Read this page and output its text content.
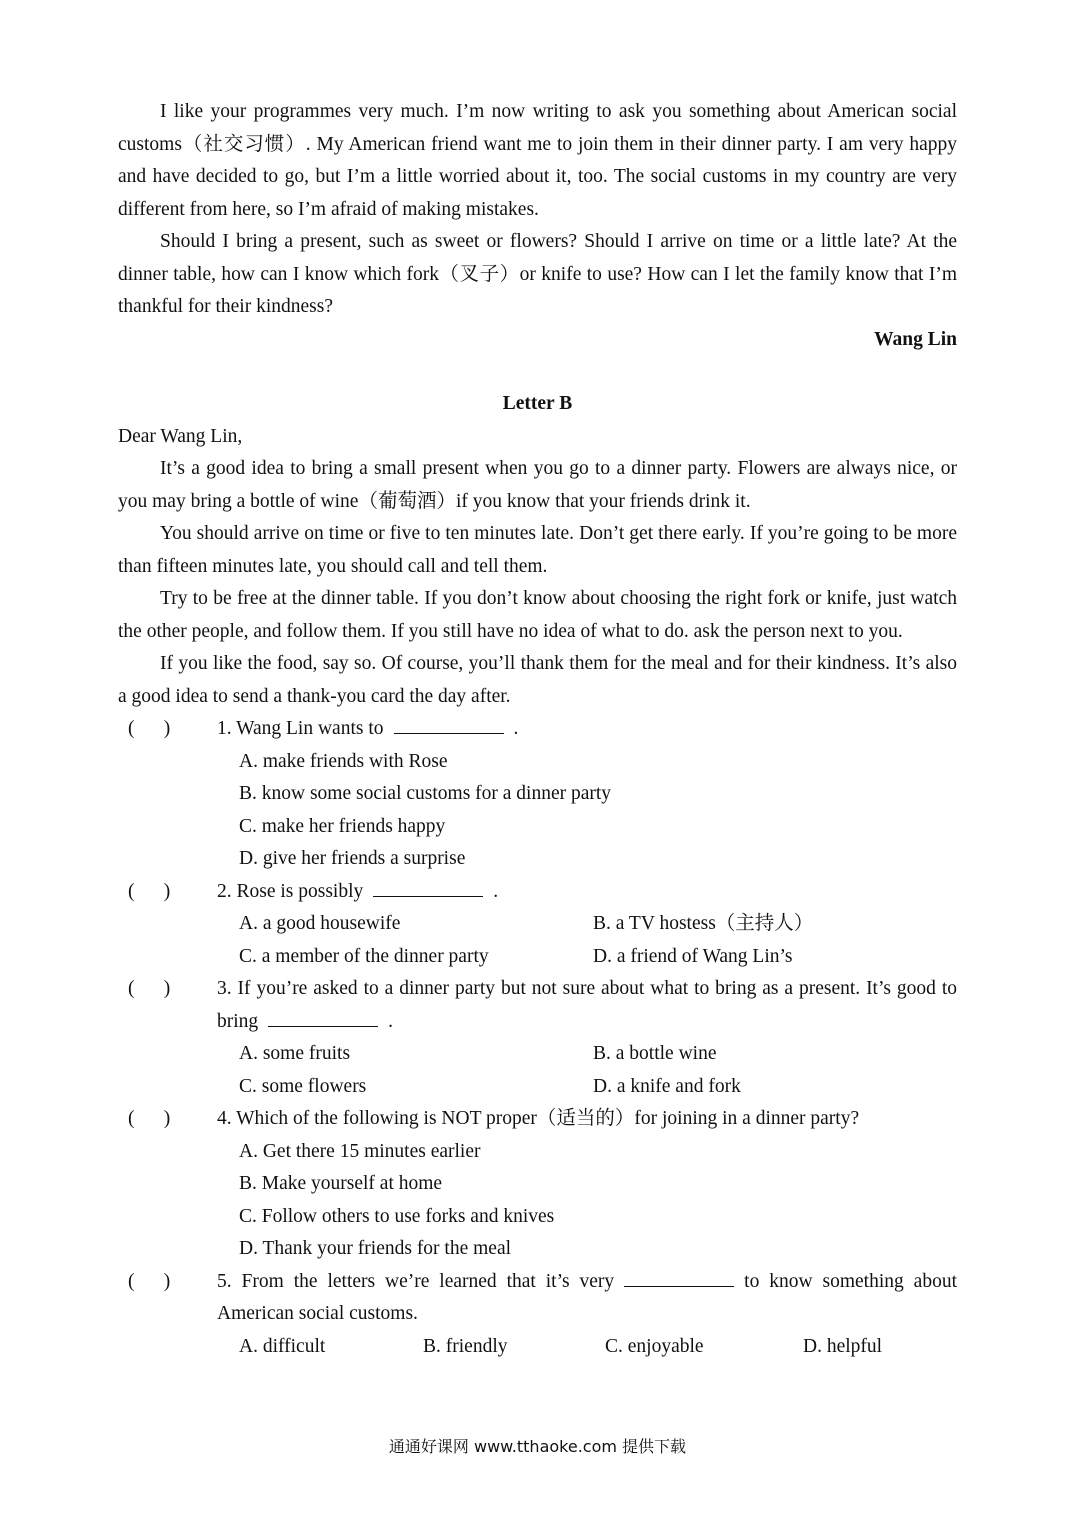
I like your programmes very much. I’m now writing to ask you something about American social customs（社交习惯）. My American friend want me to join them in their dinner party. I am very happy and have decided to go, but I’m a little worried about it, too. The social customs in my country are very different from here, so I’m afraid of making mistakes.

Should I bring a present, such as sweet or flowers? Should I arrive on time or a little late? At the dinner table, how can I know which fork（叉子）or knife to use? How can I let the family know that I’m thankful for their kindness?

Wang Lin

Letter B

Dear Wang Lin,

It’s a good idea to bring a small present when you go to a dinner party. Flowers are always nice, or you may bring a bottle of wine（葡萄酒）if you know that your friends drink it.

You should arrive on time or five to ten minutes late. Don’t get there early. If you’re going to be more than fifteen minutes late, you should call and tell them.

Try to be free at the dinner table. If you don’t know about choosing the right fork or knife, just watch the other people, and follow them. If you still have no idea of what to do. ask the person next to you.

If you like the food, say so. Of course, you’ll thank them for the meal and for their kindness. It’s also a good idea to send a thank-you card the day after.

(      ) 1. Wang Lin wants to	.
A. make friends with Rose
B. know some social customs for a dinner party
C. make her friends happy
D. give her friends a surprise
(      ) 2. Rose is possibly	.
A. a good housewife	B. a TV hostess（主持人）
C. a member of the dinner party	D. a friend of Wang Lin’s
(      ) 3. If you’re asked to a dinner party but not sure about what to bring as a present. It’s good to bring	.
A. some fruits	B. a bottle wine
C. some flowers	D. a knife and fork
(      ) 4. Which of the following is NOT proper（适当的）for joining in a dinner party?
A. Get there 15 minutes earlier
B. Make yourself at home
C. Follow others to use forks and knives
D. Thank your friends for the meal
(      ) 5. From the letters we’re learned that it’s very	to know something about American social customs.
A. difficult	B. friendly	C. enjoyable	D. helpful
通通好课网 www.tthaoke.com 提供下载
